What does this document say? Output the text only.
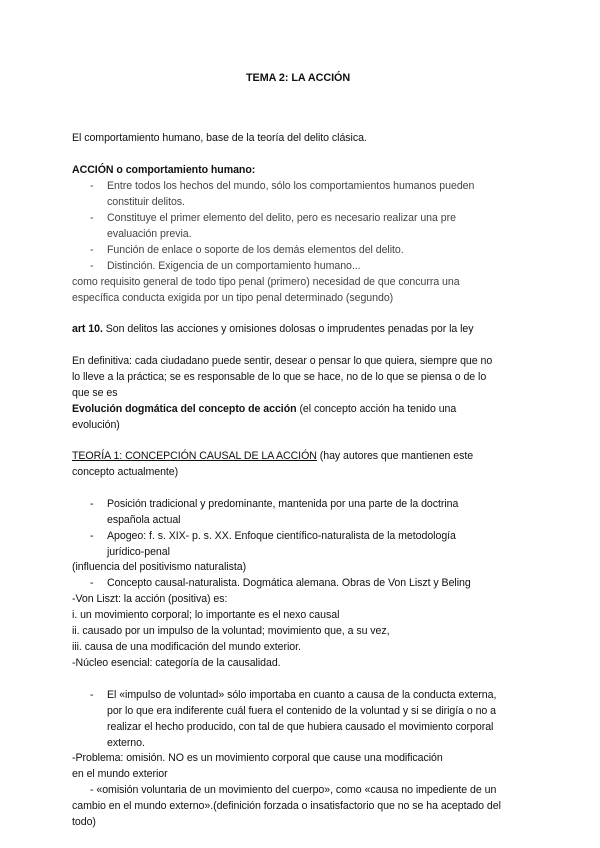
TEMA 2: LA ACCIÓN
El comportamiento humano, base de la teoría del delito clásica.
ACCIÓN o comportamiento humano:
- Entre todos los hechos del mundo, sólo los comportamientos humanos pueden
constituir delitos.
- Constituye el primer elemento del delito, pero es necesario realizar una pre
evaluación previa.
- Función de enlace o soporte de los demás elementos del delito.
- Distinción. Exigencia de un comportamiento humano...
como requisito general de todo tipo penal (primero) necesidad de que concurra una
específica conducta exigida por un tipo penal determinado (segundo)
art 10. Son delitos las acciones y omisiones dolosas o imprudentes penadas por la ley
En definitiva: cada ciudadano puede sentir, desear o pensar lo que quiera, siempre que no
lo lleve a la práctica; se es responsable de lo que se hace, no de lo que se piensa o de lo
que se es
Evolución dogmática del concepto de acción (el concepto acción ha tenido una
evolución)
TEORÍA 1: CONCEPCIÓN CAUSAL DE LA ACCIÓN (hay autores que mantienen este
concepto actualmente)
- Posición tradicional y predominante, mantenida por una parte de la doctrina
española actual
- Apogeo: f. s. XIX- p. s. XX. Enfoque científico-naturalista de la metodología
jurídico-penal
(influencia del positivismo naturalista)
- Concepto causal-naturalista. Dogmática alemana. Obras de Von Liszt y Beling
-Von Liszt: la acción (positiva) es:
i. un movimiento corporal; lo importante es el nexo causal
ii. causado por un impulso de la voluntad; movimiento que, a su vez,
iii. causa de una modificación del mundo exterior.
-Núcleo esencial: categoría de la causalidad.
- El «impulso de voluntad» sólo importaba en cuanto a causa de la conducta externa,
por lo que era indiferente cuál fuera el contenido de la voluntad y si se dirigía o no a
realizar el hecho producido, con tal de que hubiera causado el movimiento corporal
externo.
-Problema: omisión. NO es un movimiento corporal que cause una modificación
en el mundo exterior
- «omisión voluntaria de un movimiento del cuerpo», como «causa no impediente de un
cambio en el mundo externo».(definición forzada o insatisfactorio que no se ha aceptado del
todo)
